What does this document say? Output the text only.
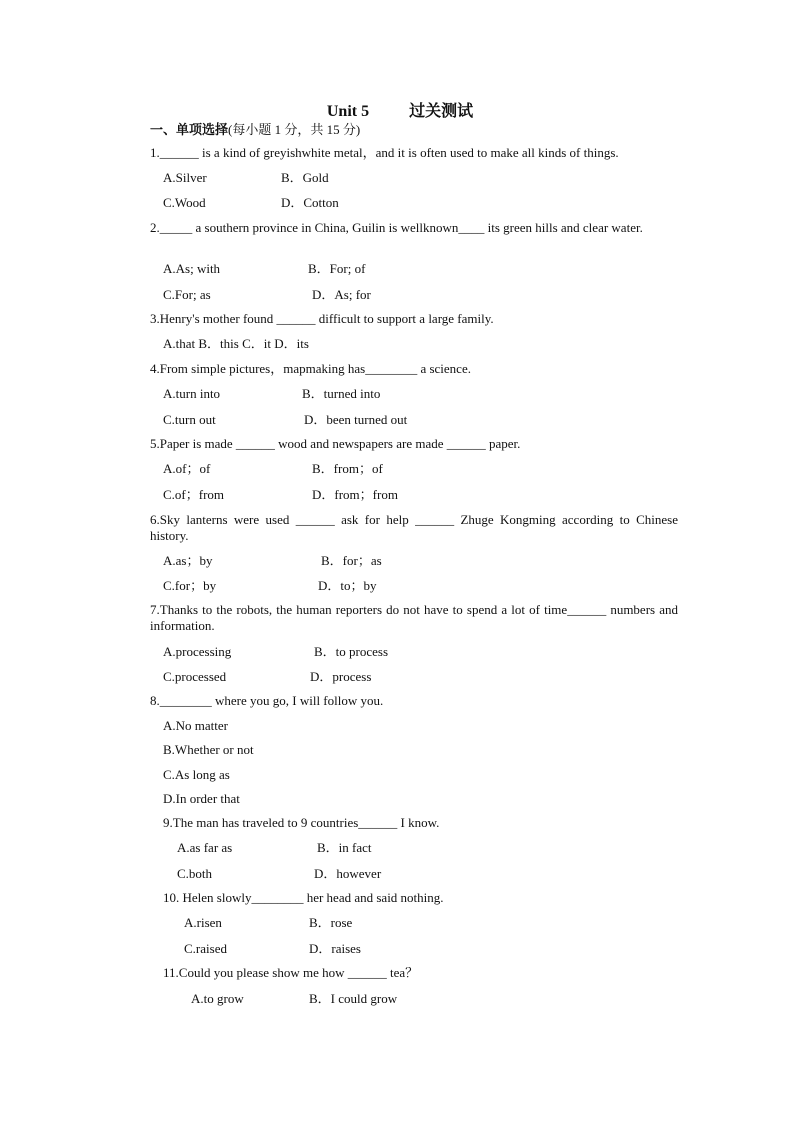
Unit 5	过关测试
一、单项选择(每小题 1 分，共 15 分)
1.______ is a kind of greyishwhite metal，and it is often used to make all kinds of things.
A.Silver	B．Gold
C.Wood	D．Cotton
2._____ a southern province in China, Guilin is wellknown____ its green hills and clear water.
A.As; with	B．For; of
C.For; as	D．As; for
3.Henry's mother found ______ difficult to support a large family.
A.that B．this C．it D．its
4.From simple pictures，mapmaking has________ a science.
A.turn into	B．turned into
C.turn out	D．been turned out
5.Paper is made ______ wood and newspapers are made ______ paper.
A.of；of	B．from；of
C.of；from	D．from；from
6.Sky lanterns were used ______ ask for help ______ Zhuge Kongming according to Chinese history.
A.as；by	B．for；as
C.for；by	D．to；by
7.Thanks to the robots, the human reporters do not have to spend a lot of time______ numbers and information.
A.processing	B．to process
C.processed	D．process
8.________ where you go, I will follow you.
A.No matter
B.Whether or not
C.As long as
D.In order that
9.The man has traveled to 9 countries______ I know.
A.as far as	B．in fact
C.both	D．however
10. Helen slowly________ her head and said nothing.
A.risen	B．rose
C.raised	D．raises
11.Could you please show me how ______ tea？
A.to grow	B．I could grow
